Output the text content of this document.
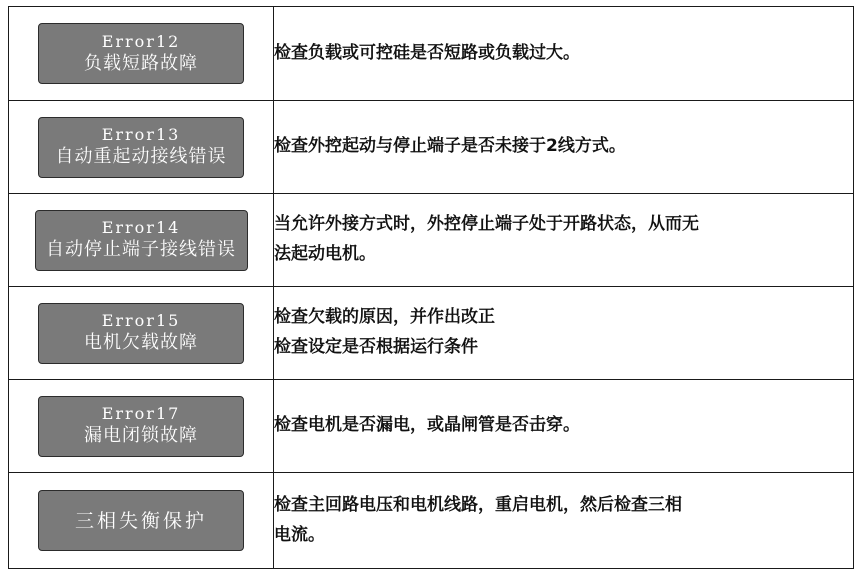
Error12
负载短路故障	检查负载或可控硅是否短路或负载过大。

Error13
自动重起动接线错误	检查外控起动与停止端子是否未接于2线方式。

Error14
自动停止端子接线错误	当允许外接方式时，外控停止端子处于开路状态，从而无
法起动电机。

Error15
电机欠载故障	检查欠载的原因，并作出改正
检查设定是否根据运行条件

Error17
漏电闭锁故障	检查电机是否漏电，或晶闸管是否击穿。

三相失衡保护	检查主回路电压和电机线路，重启电机，然后检查三相
电流。
